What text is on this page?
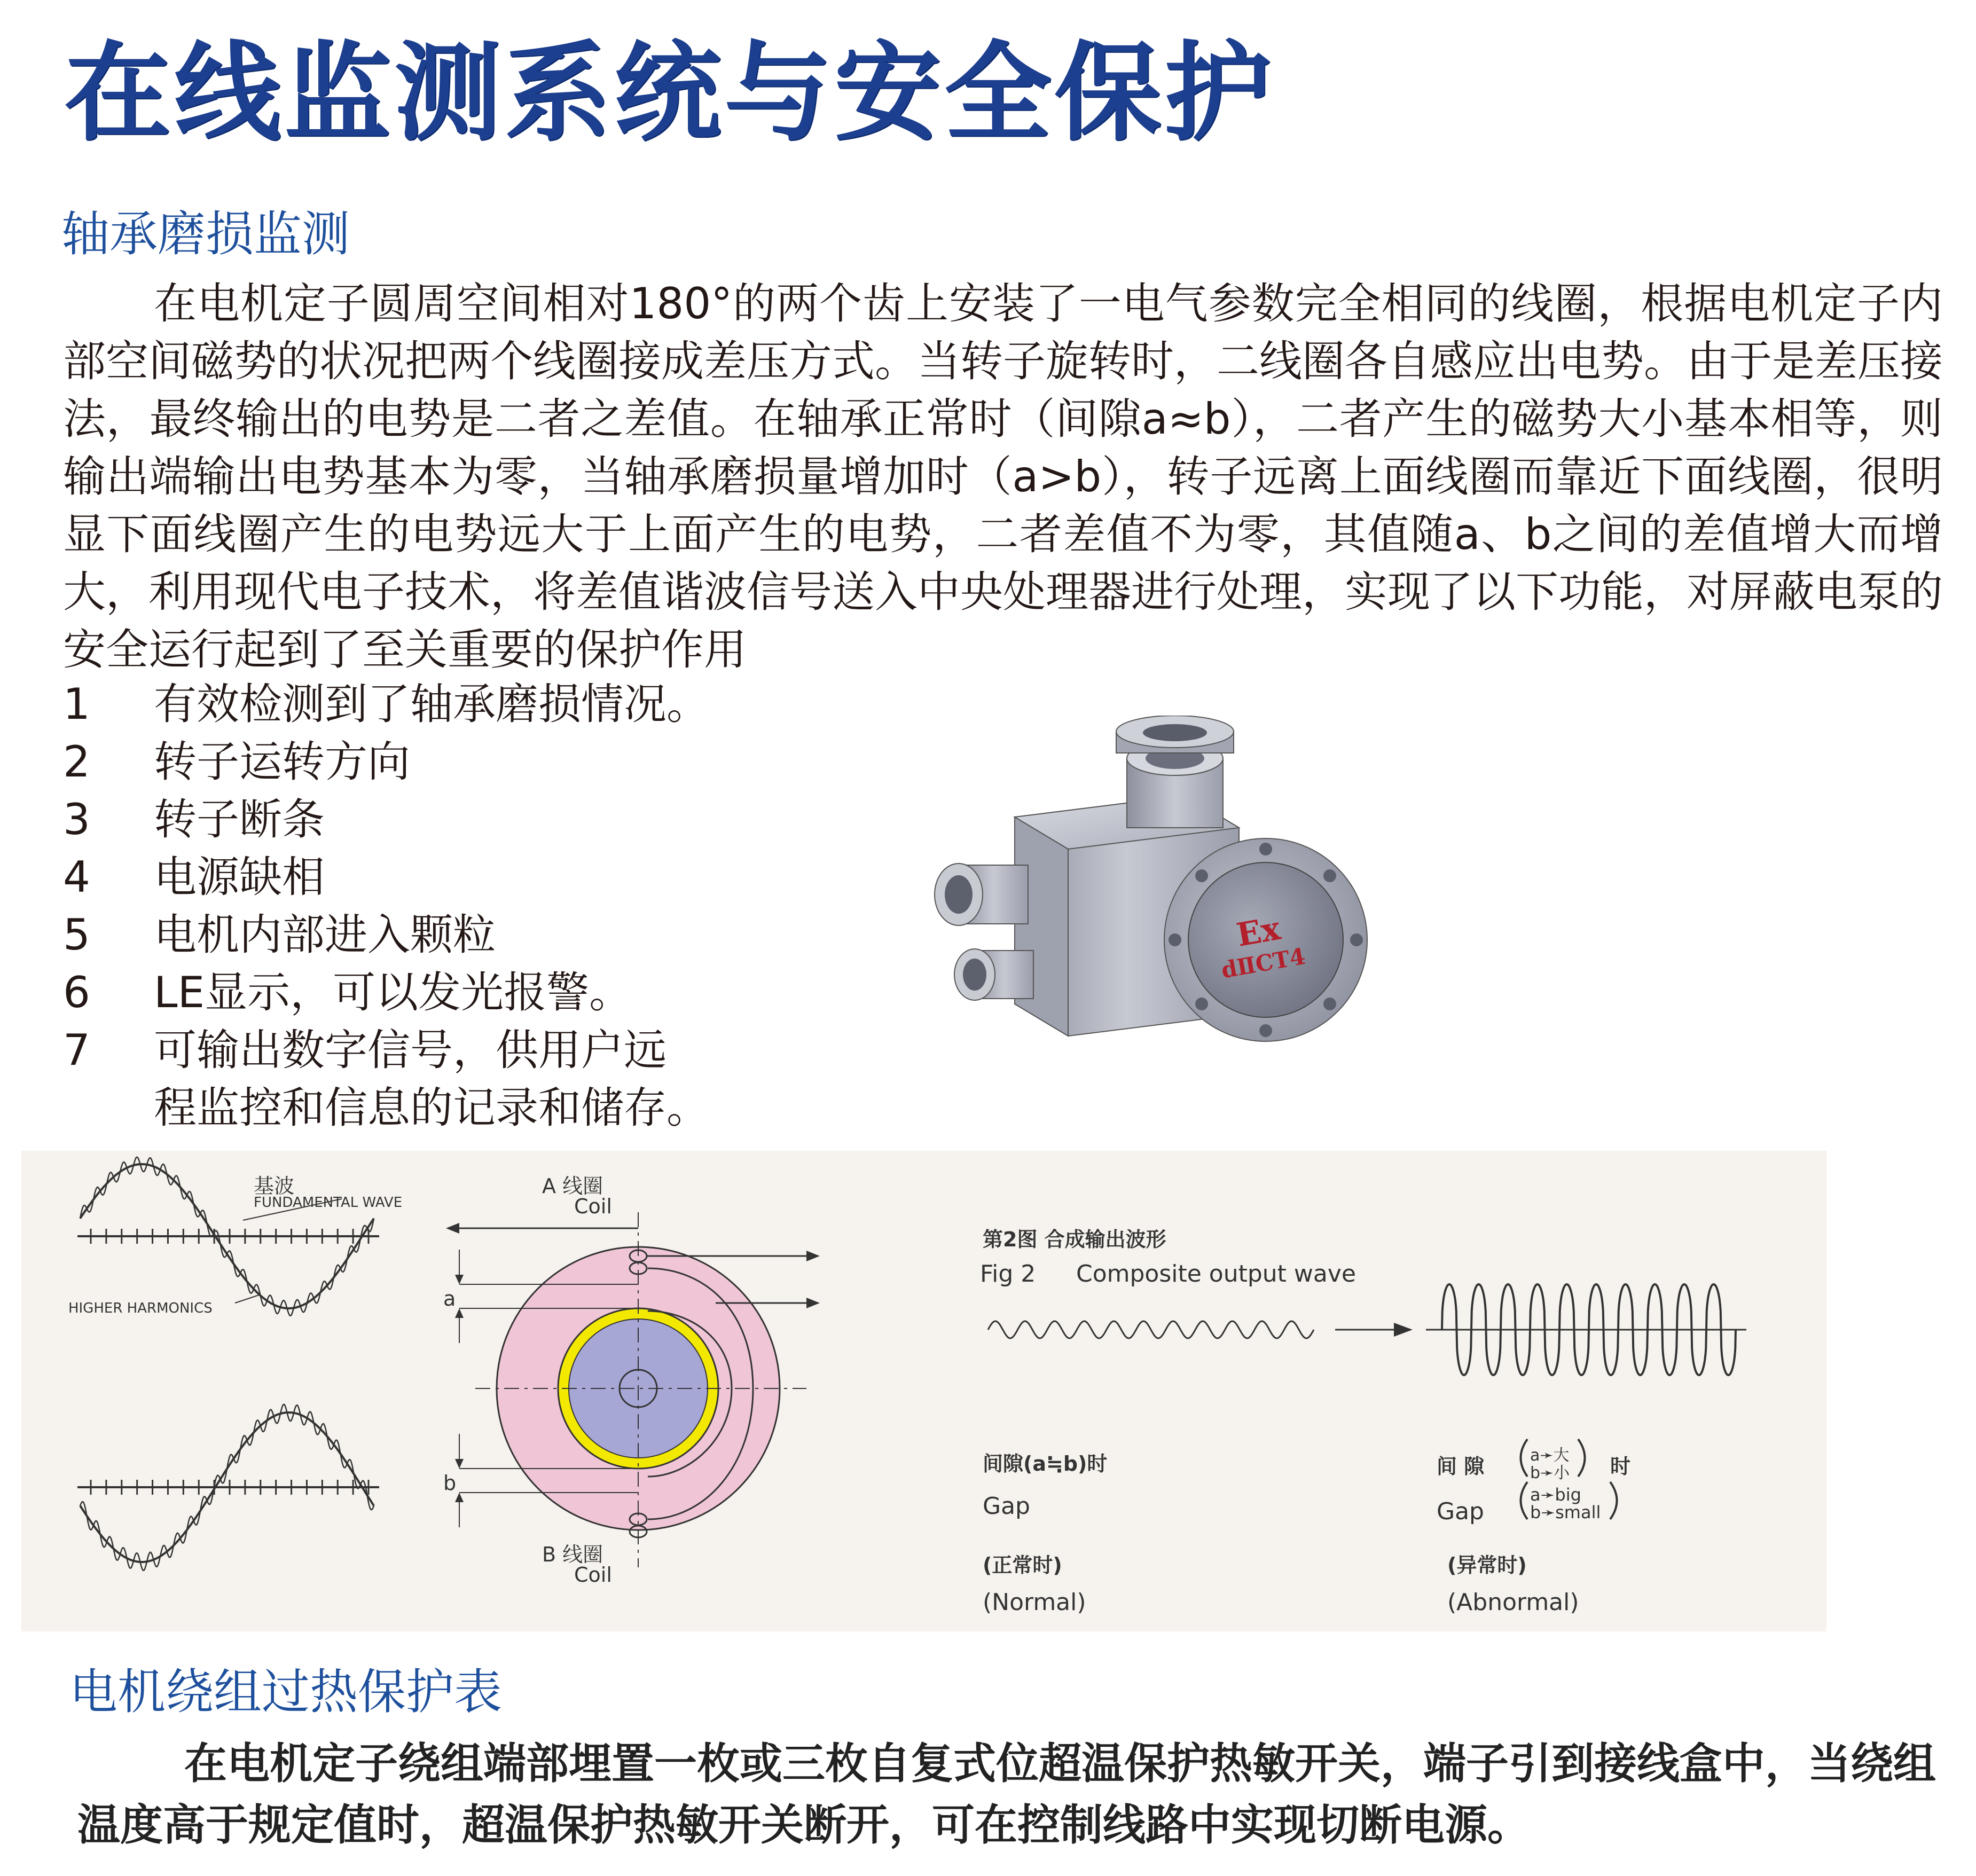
在线监测系统与安全保护
轴承磨损监测
在电机定子圆周空间相对180°的两个齿上安装了一电气参数完全相同的线圈，根据电机定子内部空间磁势的状况把两个线圈接成差压方式。当转子旋转时，二线圈各自感应出电势。由于是差压接法，最终输出的电势是二者之差值。在轴承正常时（间隙a≈b），二者产生的磁势大小基本相等，则输出端输出电势基本为零，当轴承磨损量增加时（a>b），转子远离上面线圈而靠近下面线圈，很明显下面线圈产生的电势远大于上面产生的电势，二者差值不为零，其值随a、b之间的差值增大而增大，利用现代电子技术，将差值谐波信号送入中央处理器进行处理，实现了以下功能，对屏蔽电泵的安全运行起到了至关重要的保护作用
1	有效检测到了轴承磨损情况。
2	转子运转方向
3	转子断条
4	电源缺相
5	电机内部进入颗粒
6	LE显示，可以发光报警。
7	可输出数字信号，供用户远
程监控和信息的记录和储存。
Ex
dⅡCT4
基波
FUNDAMENTAL WAVE
HIGHER HARMONICS
A 线圈
Coil
a
b
B 线圈
Coil
第2图 合成输出波形
Fig 2 Composite output wave
间隙(a≒b)时
Gap
(正常时)
(Normal)
间 隙	a➛大
b➛小 时
Gap
a➛big
b➛small
(异常时)
(Abnormal)
电机绕组过热保护表
在电机定子绕组端部埋置一枚或三枚自复式位超温保护热敏开关，端子引到接线盒中，当绕组温度高于规定值时，超温保护热敏开关断开，可在控制线路中实现切断电源。
